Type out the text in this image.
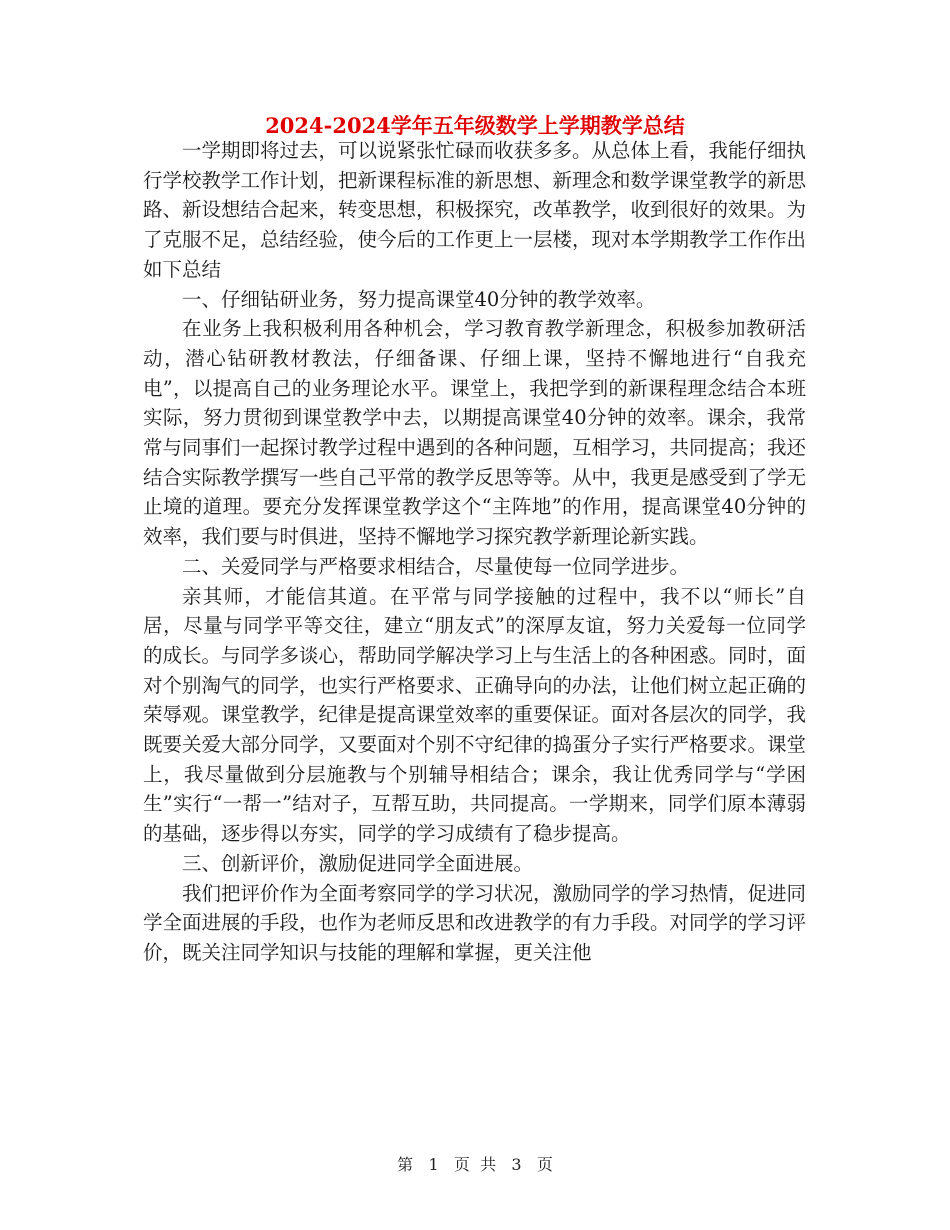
2024-2024学年五年级数学上学期教学总结

一学期即将过去，可以说紧张忙碌而收获多多。从总体上看，我能仔细执行学校教学工作计划，把新课程标准的新思想、新理念和数学课堂教学的新思路、新设想结合起来，转变思想，积极探究，改革教学，收到很好的效果。为了克服不足，总结经验，使今后的工作更上一层楼，现对本学期教学工作作出如下总结

一、仔细钻研业务，努力提高课堂40分钟的教学效率。

在业务上我积极利用各种机会，学习教育教学新理念，积极参加教研活动，潜心钻研教材教法，仔细备课、仔细上课，坚持不懈地进行“自我充电”，以提高自己的业务理论水平。课堂上，我把学到的新课程理念结合本班实际，努力贯彻到课堂教学中去，以期提高课堂40分钟的效率。课余，我常常与同事们一起探讨教学过程中遇到的各种问题，互相学习，共同提高；我还结合实际教学撰写一些自己平常的教学反思等等。从中，我更是感受到了学无止境的道理。要充分发挥课堂教学这个“主阵地”的作用，提高课堂40分钟的效率，我们要与时俱进，坚持不懈地学习探究教学新理论新实践。

二、关爱同学与严格要求相结合，尽量使每一位同学进步。

亲其师，才能信其道。在平常与同学接触的过程中，我不以“师长”自居，尽量与同学平等交往，建立“朋友式”的深厚友谊，努力关爱每一位同学的成长。与同学多谈心，帮助同学解决学习上与生活上的各种困惑。同时，面对个别淘气的同学，也实行严格要求、正确导向的办法，让他们树立起正确的荣辱观。课堂教学，纪律是提高课堂效率的重要保证。面对各层次的同学，我既要关爱大部分同学，又要面对个别不守纪律的捣蛋分子实行严格要求。课堂上，我尽量做到分层施教与个别辅导相结合；课余，我让优秀同学与“学困生”实行“一帮一”结对子，互帮互助，共同提高。一学期来，同学们原本薄弱的基础，逐步得以夯实，同学的学习成绩有了稳步提高。

三、创新评价，激励促进同学全面进展。

我们把评价作为全面考察同学的学习状况，激励同学的学习热情，促进同学全面进展的手段，也作为老师反思和改进教学的有力手段。对同学的学习评价，既关注同学知识与技能的理解和掌握，更关注他

第 1 页  共 3 页
